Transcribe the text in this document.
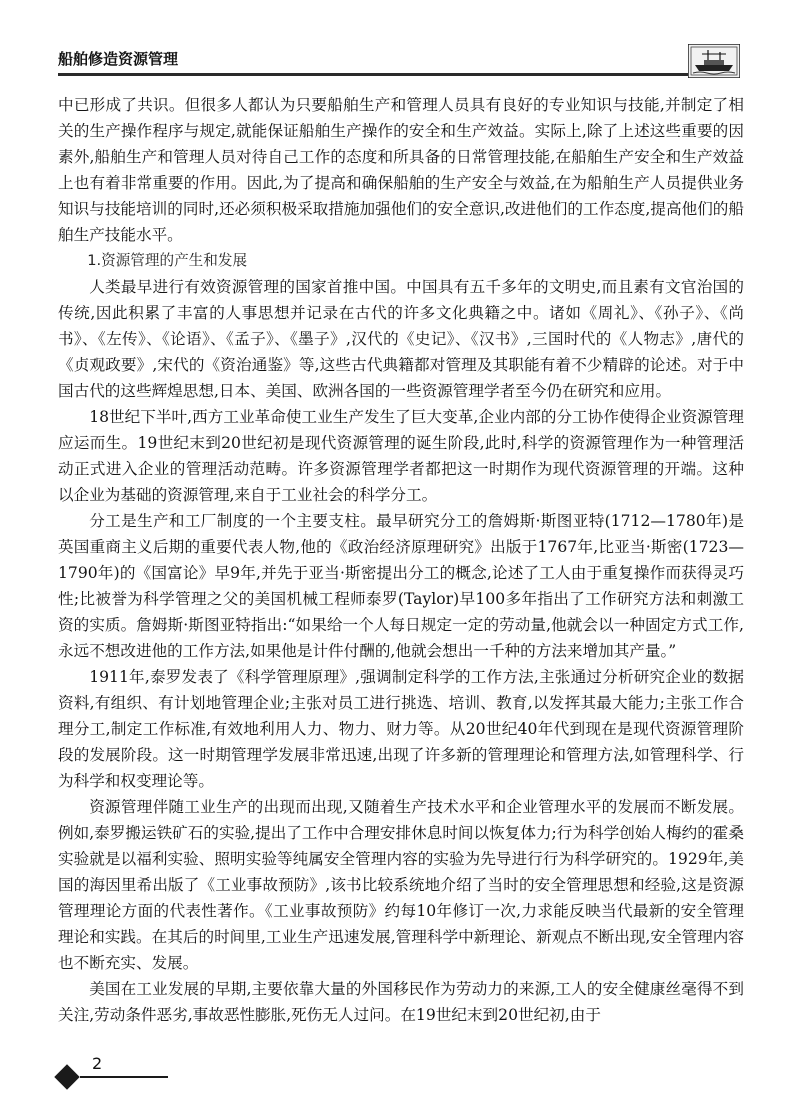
船舶修造资源管理

中已形成了共识。但很多人都认为只要船舶生产和管理人员具有良好的专业知识与技能,并制定了相关的生产操作程序与规定,就能保证船舶生产操作的安全和生产效益。实际上,除了上述这些重要的因素外,船舶生产和管理人员对待自己工作的态度和所具备的日常管理技能,在船舶生产安全和生产效益上也有着非常重要的作用。因此,为了提高和确保船舶的生产安全与效益,在为船舶生产人员提供业务知识与技能培训的同时,还必须积极采取措施加强他们的安全意识,改进他们的工作态度,提高他们的船舶生产技能水平。

1.资源管理的产生和发展

人类最早进行有效资源管理的国家首推中国。中国具有五千多年的文明史,而且素有文官治国的传统,因此积累了丰富的人事思想并记录在古代的许多文化典籍之中。诸如《周礼》、《孙子》、《尚书》、《左传》、《论语》、《孟子》、《墨子》,汉代的《史记》、《汉书》,三国时代的《人物志》,唐代的《贞观政要》,宋代的《资治通鉴》等,这些古代典籍都对管理及其职能有着不少精辟的论述。对于中国古代的这些辉煌思想,日本、美国、欧洲各国的一些资源管理学者至今仍在研究和应用。

18世纪下半叶,西方工业革命使工业生产发生了巨大变革,企业内部的分工协作使得企业资源管理应运而生。19世纪末到20世纪初是现代资源管理的诞生阶段,此时,科学的资源管理作为一种管理活动正式进入企业的管理活动范畴。许多资源管理学者都把这一时期作为现代资源管理的开端。这种以企业为基础的资源管理,来自于工业社会的科学分工。

分工是生产和工厂制度的一个主要支柱。最早研究分工的詹姆斯·斯图亚特(1712—1780年)是英国重商主义后期的重要代表人物,他的《政治经济原理研究》出版于1767年,比亚当·斯密(1723—1790年)的《国富论》早9年,并先于亚当·斯密提出分工的概念,论述了工人由于重复操作而获得灵巧性;比被誉为科学管理之父的美国机械工程师泰罗(Taylor)早100多年指出了工作研究方法和刺激工资的实质。詹姆斯·斯图亚特指出:“如果给一个人每日规定一定的劳动量,他就会以一种固定方式工作,永远不想改进他的工作方法,如果他是计件付酬的,他就会想出一千种的方法来增加其产量。”

1911年,泰罗发表了《科学管理原理》,强调制定科学的工作方法,主张通过分析研究企业的数据资料,有组织、有计划地管理企业;主张对员工进行挑选、培训、教育,以发挥其最大能力;主张工作合理分工,制定工作标准,有效地利用人力、物力、财力等。从20世纪40年代到现在是现代资源管理阶段的发展阶段。这一时期管理学发展非常迅速,出现了许多新的管理理论和管理方法,如管理科学、行为科学和权变理论等。

资源管理伴随工业生产的出现而出现,又随着生产技术水平和企业管理水平的发展而不断发展。例如,泰罗搬运铁矿石的实验,提出了工作中合理安排休息时间以恢复体力;行为科学创始人梅约的霍桑实验就是以福利实验、照明实验等纯属安全管理内容的实验为先导进行行为科学研究的。1929年,美国的海因里希出版了《工业事故预防》,该书比较系统地介绍了当时的安全管理思想和经验,这是资源管理理论方面的代表性著作。《工业事故预防》约每10年修订一次,力求能反映当代最新的安全管理理论和实践。在其后的时间里,工业生产迅速发展,管理科学中新理论、新观点不断出现,安全管理内容也不断充实、发展。

美国在工业发展的早期,主要依靠大量的外国移民作为劳动力的来源,工人的安全健康丝毫得不到关注,劳动条件恶劣,事故恶性膨胀,死伤无人过问。在19世纪末到20世纪初,由于

2
